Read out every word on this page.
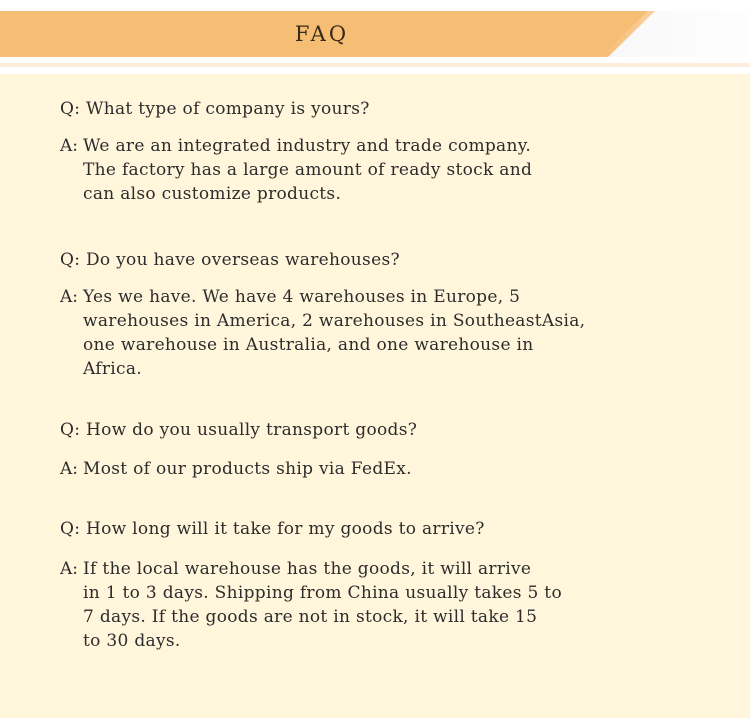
FAQ
Q: What type of company is yours?
A: We are an integrated industry and trade company.
The factory has a large amount of ready stock and
can also customize products.
Q: Do you have overseas warehouses?
A: Yes we have. We have 4 warehouses in Europe, 5
warehouses in America, 2 warehouses in SoutheastAsia,
one warehouse in Australia, and one warehouse in
Africa.
Q: How do you usually transport goods?
A: Most of our products ship via FedEx.
Q: How long will it take for my goods to arrive?
A: If the local warehouse has the goods, it will arrive
in 1 to 3 days. Shipping from China usually takes 5 to
7 days. If the goods are not in stock, it will take 15
to 30 days.
